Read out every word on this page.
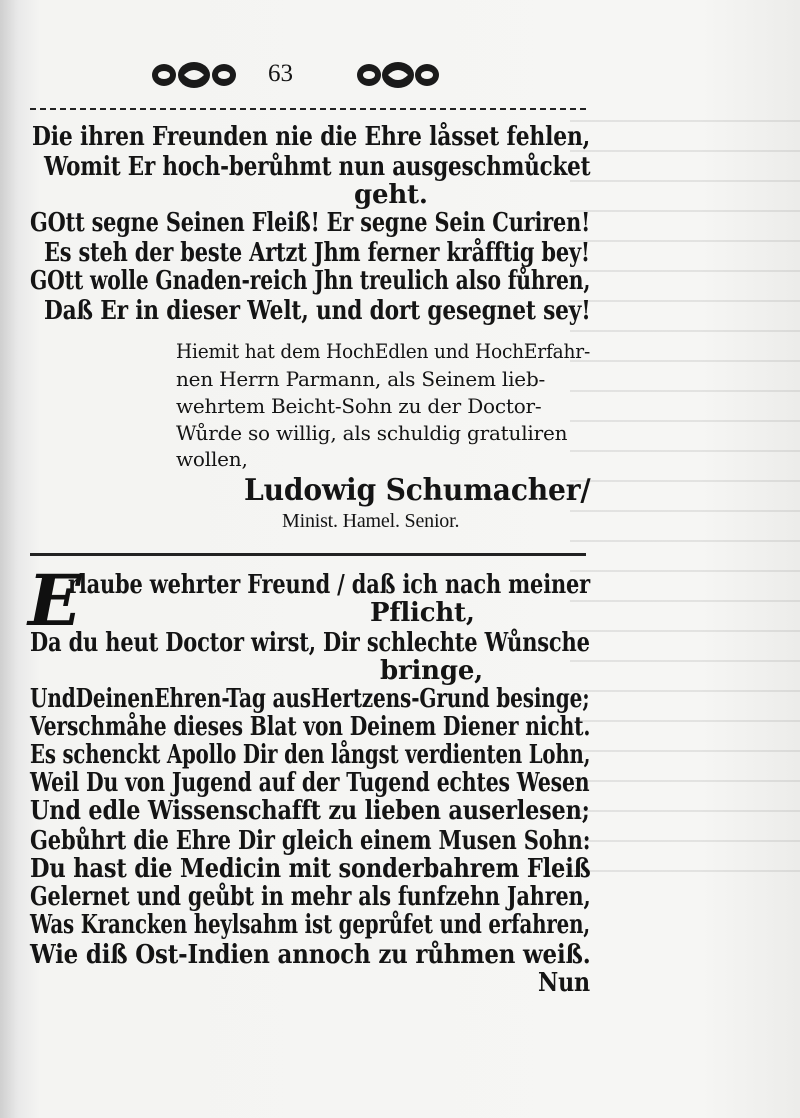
63
Die ihren Freunden nie die Ehre låsset fehlen,
Womit Er hoch-berůhmt nun ausgeschmůcket
geht.
GOtt segne Seinen Fleiß! Er segne Sein Curiren!
Es steh der beste Artzt Jhm ferner kråfftig bey!
GOtt wolle Gnaden-reich Jhn treulich also fůhren,
Daß Er in dieser Welt, und dort gesegnet sey!
Hiemit hat dem HochEdlen und HochErfahr-
nen Herrn Parmann, als Seinem lieb-
wehrtem Beicht-Sohn zu der Doctor-
Wůrde so willig, als schuldig gratuliren
wollen,
Ludowig Schumacher/
Minist. Hamel. Senior.
E
rlaube wehrter Freund / daß ich nach meiner
Pflicht,
Da du heut Doctor wirst, Dir schlechte Wůnsche
bringe,
UndDeinenEhren-Tag ausHertzens-Grund besinge;
Verschmåhe dieses Blat von Deinem Diener nicht.
Es schenckt Apollo Dir den långst verdienten Lohn,
Weil Du von Jugend auf der Tugend echtes Wesen
Und edle Wissenschafft zu lieben auserlesen;
Gebůhrt die Ehre Dir gleich einem Musen Sohn:
Du hast die Medicin mit sonderbahrem Fleiß
Gelernet und geůbt in mehr als funfzehn Jahren,
Was Krancken heylsahm ist geprůfet und erfahren,
Wie diß Ost-Indien annoch zu růhmen weiß.
Nun
